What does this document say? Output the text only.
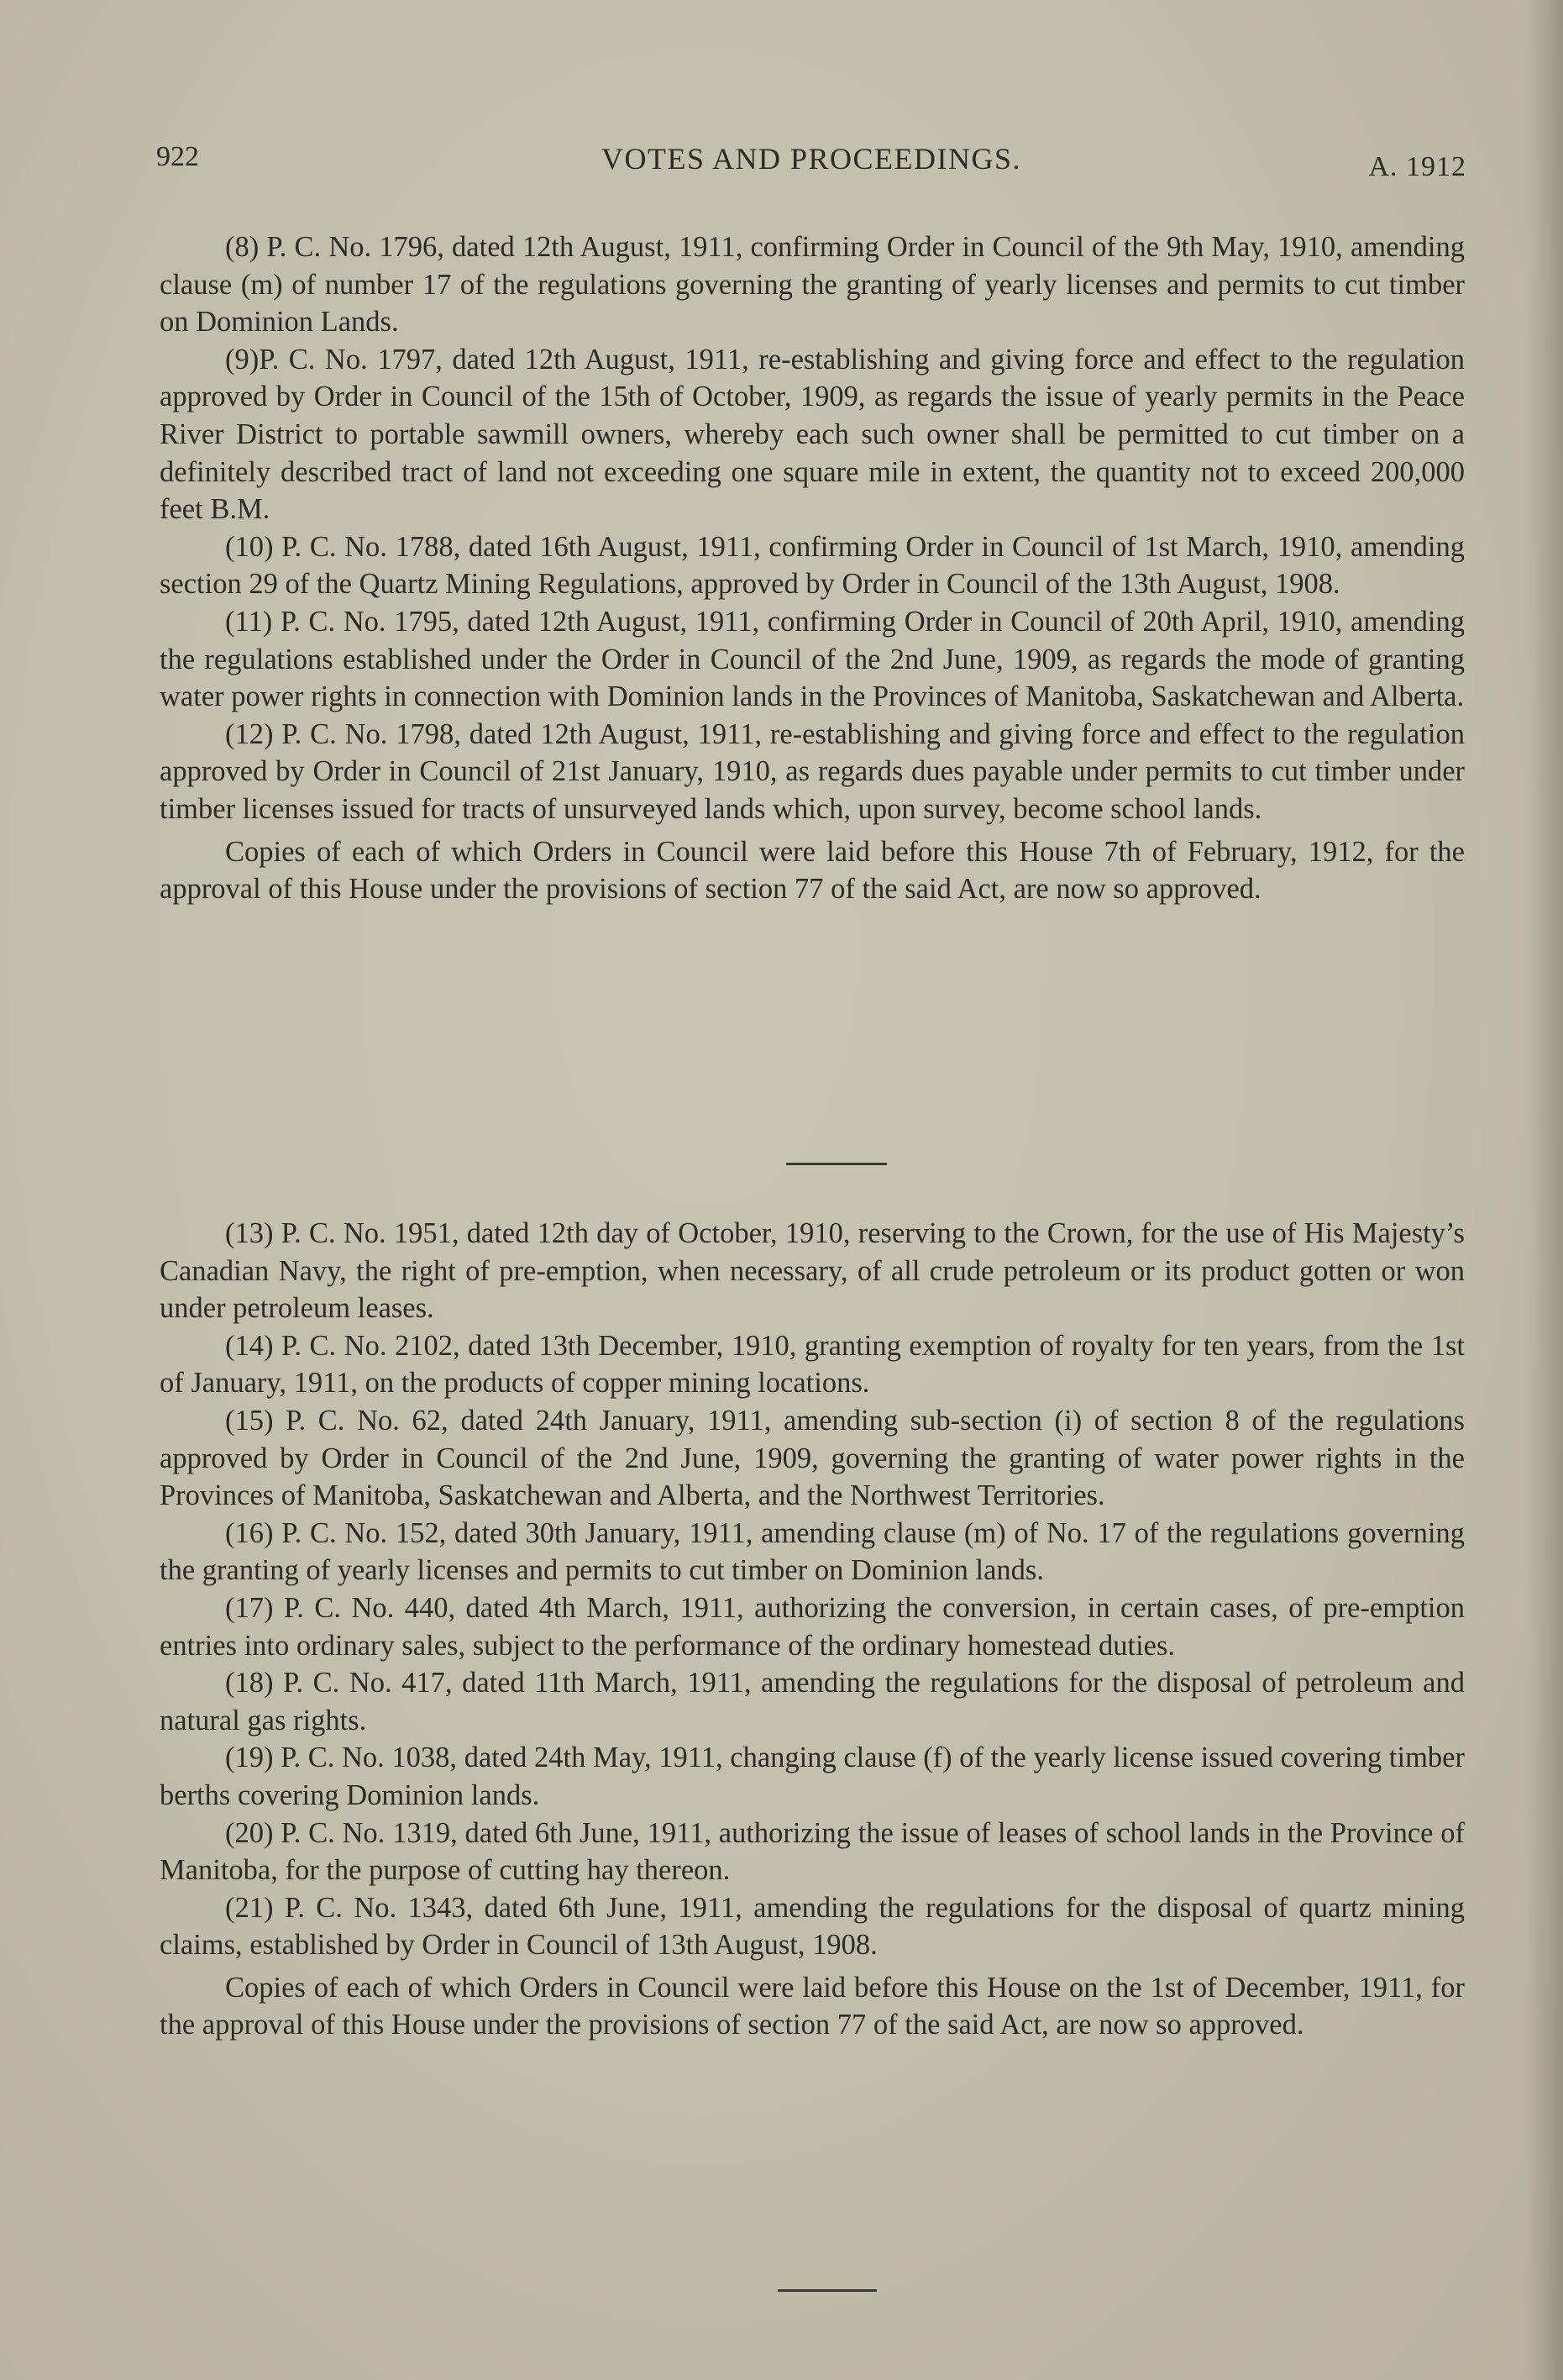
922	VOTES AND PROCEEDINGS.	A. 1912

(8) P. C. No. 1796, dated 12th August, 1911, confirming Order in Council of the 9th May, 1910, amending clause (m) of number 17 of the regulations governing the granting of yearly licenses and permits to cut timber on Dominion Lands.

(9)P. C. No. 1797, dated 12th August, 1911, re-establishing and giving force and effect to the regulation approved by Order in Council of the 15th of October, 1909, as regards the issue of yearly permits in the Peace River District to portable sawmill owners, whereby each such owner shall be permitted to cut timber on a definitely described tract of land not exceeding one square mile in extent, the quantity not to exceed 200,000 feet B.M.

(10) P. C. No. 1788, dated 16th August, 1911, confirming Order in Council of 1st March, 1910, amending section 29 of the Quartz Mining Regulations, approved by Order in Council of the 13th August, 1908.

(11) P. C. No. 1795, dated 12th August, 1911, confirming Order in Council of 20th April, 1910, amending the regulations established under the Order in Council of the 2nd June, 1909, as regards the mode of granting water power rights in connection with Dominion lands in the Provinces of Manitoba, Saskatchewan and Alberta.

(12) P. C. No. 1798, dated 12th August, 1911, re-establishing and giving force and effect to the regulation approved by Order in Council of 21st January, 1910, as regards dues payable under permits to cut timber under timber licenses issued for tracts of unsurveyed lands which, upon survey, become school lands.

Copies of each of which Orders in Council were laid before this House 7th of February, 1912, for the approval of this House under the provisions of section 77 of the said Act, are now so approved.

(13) P. C. No. 1951, dated 12th day of October, 1910, reserving to the Crown, for the use of His Majesty’s Canadian Navy, the right of pre-emption, when necessary, of all crude petroleum or its product gotten or won under petroleum leases.

(14) P. C. No. 2102, dated 13th December, 1910, granting exemption of royalty for ten years, from the 1st of January, 1911, on the products of copper mining locations.

(15) P. C. No. 62, dated 24th January, 1911, amending sub-section (i) of section 8 of the regulations approved by Order in Council of the 2nd June, 1909, governing the granting of water power rights in the Provinces of Manitoba, Saskatchewan and Alberta, and the Northwest Territories.

(16) P. C. No. 152, dated 30th January, 1911, amending clause (m) of No. 17 of the regulations governing the granting of yearly licenses and permits to cut timber on Dominion lands.

(17) P. C. No. 440, dated 4th March, 1911, authorizing the conversion, in certain cases, of pre-emption entries into ordinary sales, subject to the performance of the ordinary homestead duties.

(18) P. C. No. 417, dated 11th March, 1911, amending the regulations for the disposal of petroleum and natural gas rights.

(19) P. C. No. 1038, dated 24th May, 1911, changing clause (f) of the yearly license issued covering timber berths covering Dominion lands.

(20) P. C. No. 1319, dated 6th June, 1911, authorizing the issue of leases of school lands in the Province of Manitoba, for the purpose of cutting hay thereon.

(21) P. C. No. 1343, dated 6th June, 1911, amending the regulations for the disposal of quartz mining claims, established by Order in Council of 13th August, 1908.

Copies of each of which Orders in Council were laid before this House on the 1st of December, 1911, for the approval of this House under the provisions of section 77 of the said Act, are now so approved.
